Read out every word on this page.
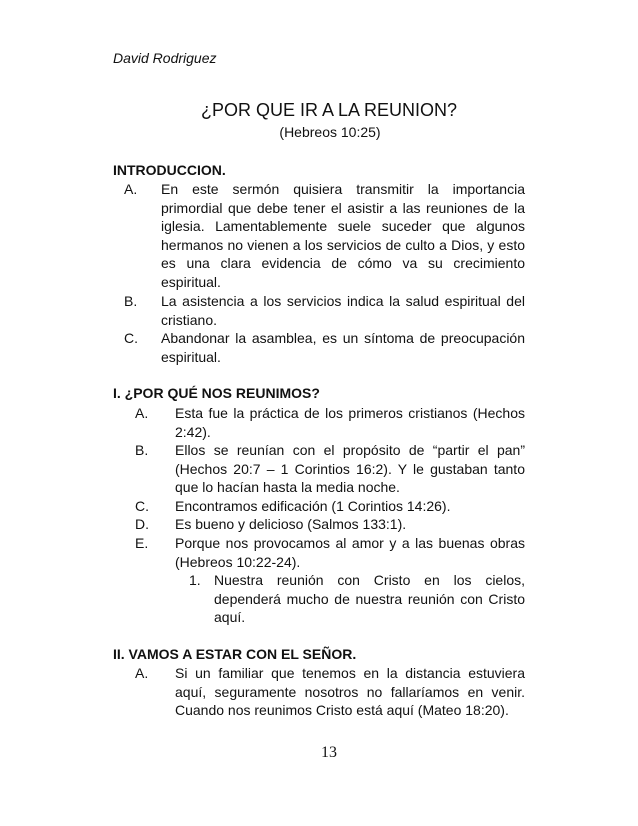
David Rodriguez
¿POR QUE IR A LA REUNION?
(Hebreos 10:25)
INTRODUCCION.
A. En este sermón quisiera transmitir la importancia primordial que debe tener el asistir a las reuniones de la iglesia. Lamentablemente suele suceder que algunos hermanos no vienen a los servicios de culto a Dios, y esto es una clara evidencia de cómo va su crecimiento espiritual.
B. La asistencia a los servicios indica la salud espiritual del cristiano.
C. Abandonar la asamblea, es un síntoma de preocupación espiritual.
I. ¿POR QUÉ NOS REUNIMOS?
A. Esta fue la práctica de los primeros cristianos (Hechos 2:42).
B. Ellos se reunían con el propósito de “partir el pan” (Hechos 20:7 – 1 Corintios 16:2). Y le gustaban tanto que lo hacían hasta la media noche.
C. Encontramos edificación (1 Corintios 14:26).
D. Es bueno y delicioso (Salmos 133:1).
E. Porque nos provocamos al amor y a las buenas obras (Hebreos 10:22-24).
1. Nuestra reunión con Cristo en los cielos, dependerá mucho de nuestra reunión con Cristo aquí.
II. VAMOS A ESTAR CON EL SEÑOR.
A. Si un familiar que tenemos en la distancia estuviera aquí, seguramente nosotros no fallaríamos en venir. Cuando nos reunimos Cristo está aquí (Mateo 18:20).
13
